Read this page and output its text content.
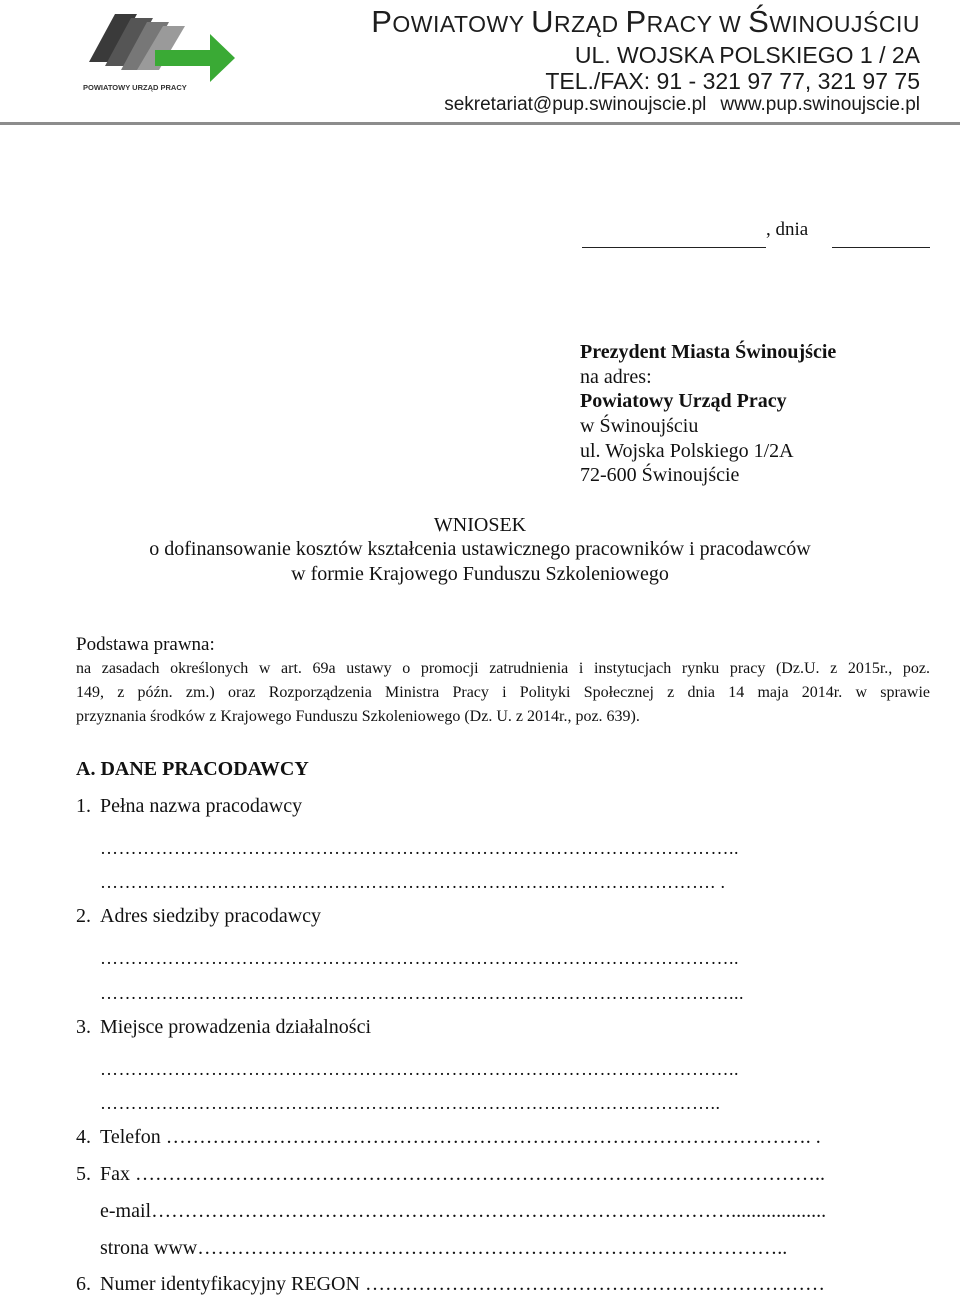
POWIATOWY URZĄD PRACY
POWIATOWY URZĄD PRACY W ŚWINOUJŚCIU
UL. WOJSKA POLSKIEGO 1 / 2A
TEL./FAX: 91 - 321 97 77, 321 97 75
sekretariat@pup.swinoujscie.pl www.pup.swinoujscie.pl
, dnia
Prezydent Miasta Świnoujście
na adres:
Powiatowy Urząd Pracy
w Świnoujściu
ul. Wojska Polskiego 1/2A
72-600 Świnoujście
WNIOSEK
o dofinansowanie kosztów kształcenia ustawicznego pracowników i pracodawców
w formie Krajowego Funduszu Szkoleniowego
Podstawa prawna:
na zasadach określonych w art. 69a ustawy o promocji zatrudnienia i instytucjach rynku pracy (Dz.U. z 2015r., poz.
149, z późn. zm.) oraz Rozporządzenia Ministra Pracy i Polityki Społecznej z dnia 14 maja 2014r. w sprawie
przyznania środków z Krajowego Funduszu Szkoleniowego (Dz. U. z 2014r., poz. 639).
A. DANE PRACODAWCY
1. Pełna nazwa pracodawcy
…………………………………………………………………………………………..
………………………………………………………………………………………. .
2. Adres siedziby pracodawcy
…………………………………………………………………………………………..
…………………………………………………………………………………………...
3. Miejsce prowadzenia działalności
…………………………………………………………………………………………..
………………………………………………………………………………………..
4. Telefon ……………………………………………………………………………………. .
5. Fax …………………………………………………………………………………………..
e-mail……………………………………………………………………………...................
strona www……………………………………………………………………………..
6. Numer identyfikacyjny REGON ……………………………………………………………
